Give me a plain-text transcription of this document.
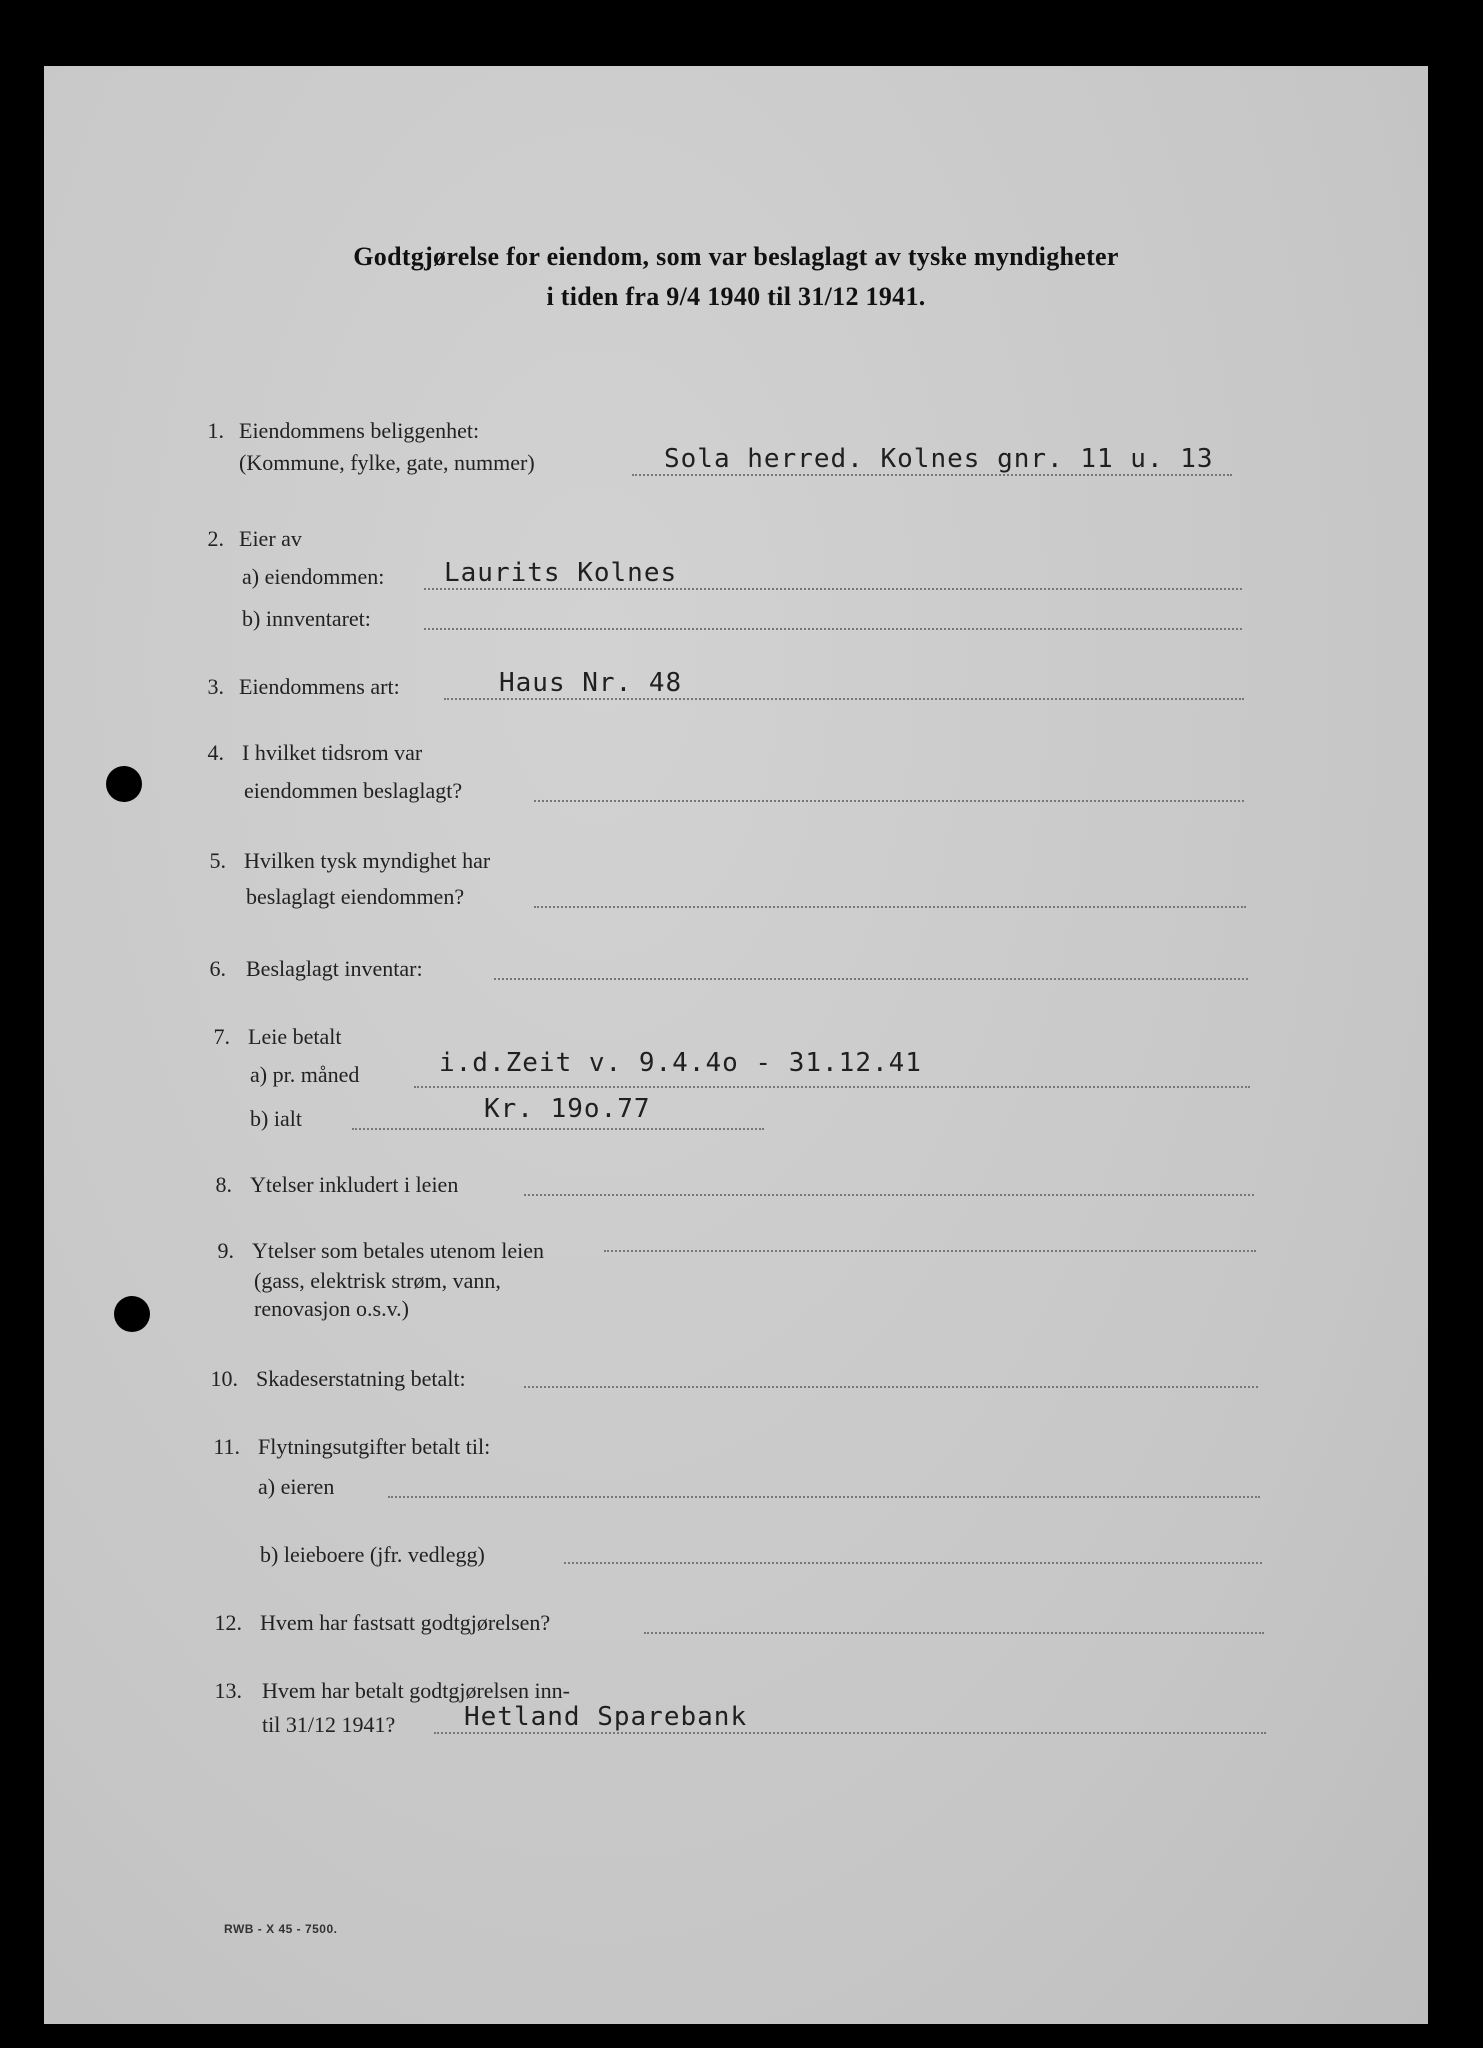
Godtgjørelse for eiendom, som var beslaglagt av tyske myndigheter
i tiden fra 9/4 1940 til 31/12 1941.
1. Eiendommens beliggenhet:
(Kommune, fylke, gate, nummer)	Sola herred. Kolnes gnr. 11 u. 13
2. Eier av
a) eiendommen: Laurits Kolnes
b) innventaret:
3. Eiendommens art:	Haus Nr. 48
4. I hvilket tidsrom var
eiendommen beslaglagt?
5. Hvilken tysk myndighet har
beslaglagt eiendommen?
6. Beslaglagt inventar:
7. Leie betalt
a) pr. måned	i.d.Zeit v. 9.4.4o - 31.12.41
b) ialt	Kr. 19o.77
8. Ytelser inkludert i leien
9. Ytelser som betales utenom leien
(gass, elektrisk strøm, vann,
renovasjon o.s.v.)
10. Skadeserstatning betalt:
11. Flytningsutgifter betalt til:
a) eieren
b) leieboere (jfr. vedlegg)
12. Hvem har fastsatt godtgjørelsen?
13. Hvem har betalt godtgjørelsen inn-
til 31/12 1941?	Hetland Sparebank
RWB - X 45 - 7500.
